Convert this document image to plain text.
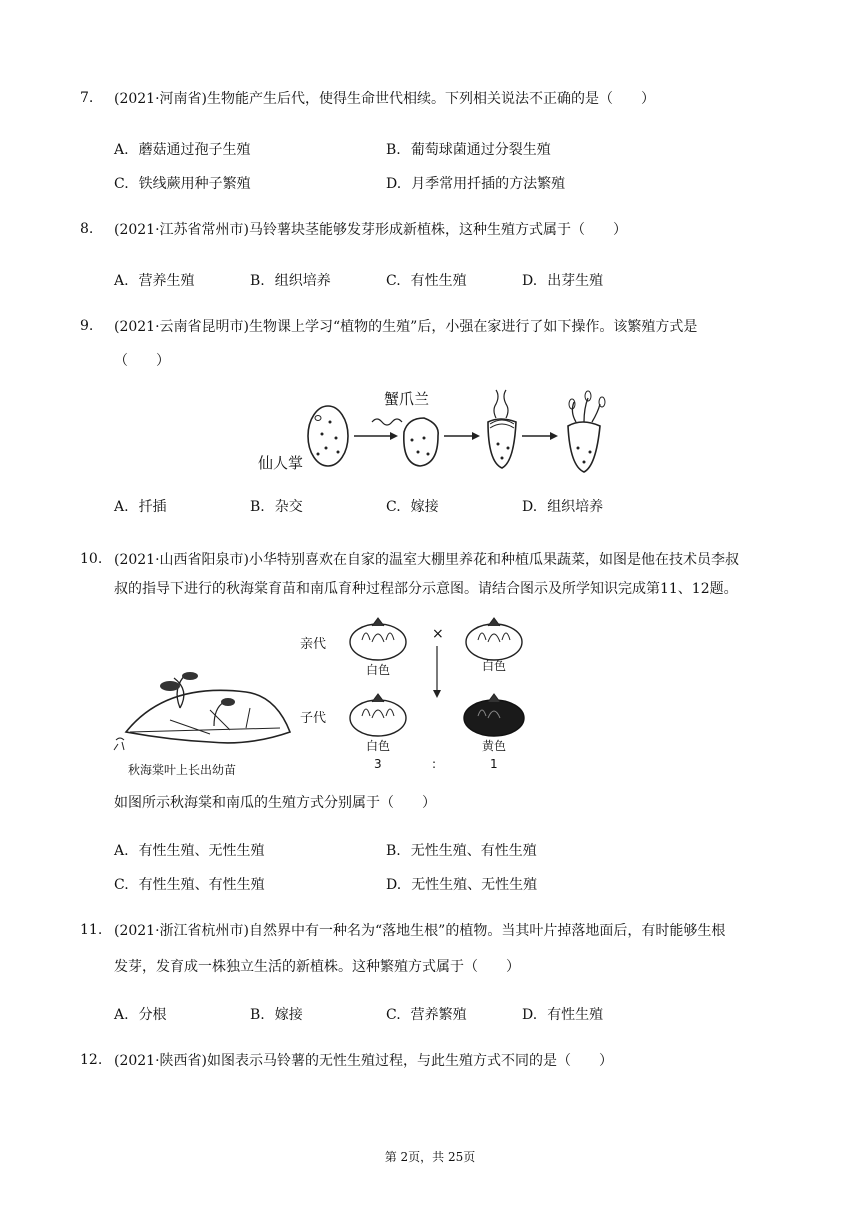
7.	(2021·河南省)生物能产生后代，使得生命世代相续。下列相关说法不正确的是（　　）
A. 蘑菇通过孢子生殖	B. 葡萄球菌通过分裂生殖
C. 铁线蕨用种子繁殖	D. 月季常用扦插的方法繁殖
8.	(2021·江苏省常州市)马铃薯块茎能够发芽形成新植株，这种生殖方式属于（　　）
A. 营养生殖	B. 组织培养	C. 有性生殖	D. 出芽生殖
9.	(2021·云南省昆明市)生物课上学习“植物的生殖”后，小强在家进行了如下操作。该繁殖方式是
（　　）
仙人掌
蟹爪兰
A. 扦插	B. 杂交	C. 嫁接	D. 组织培养
10. (2021·山西省阳泉市)小华特别喜欢在自家的温室大棚里养花和种植瓜果蔬菜，如图是他在技术员李叔
叔的指导下进行的秋海棠育苗和南瓜育种过程部分示意图。请结合图示及所学知识完成第11、12题。
秋海棠叶上长出幼苗
亲代
子代
白色
×
白色
白色
3	:
黄色
1
如图所示秋海棠和南瓜的生殖方式分别属于（　　）
A. 有性生殖、无性生殖	B. 无性生殖、有性生殖
C. 有性生殖、有性生殖	D. 无性生殖、无性生殖
11. (2021·浙江省杭州市)自然界中有一种名为“落地生根”的植物。当其叶片掉落地面后，有时能够生根
发芽，发育成一株独立生活的新植株。这种繁殖方式属于（　　）
A. 分根	B. 嫁接	C. 营养繁殖	D. 有性生殖
12. (2021·陕西省)如图表示马铃薯的无性生殖过程，与此生殖方式不同的是（　　）
第 2页，共 25页
